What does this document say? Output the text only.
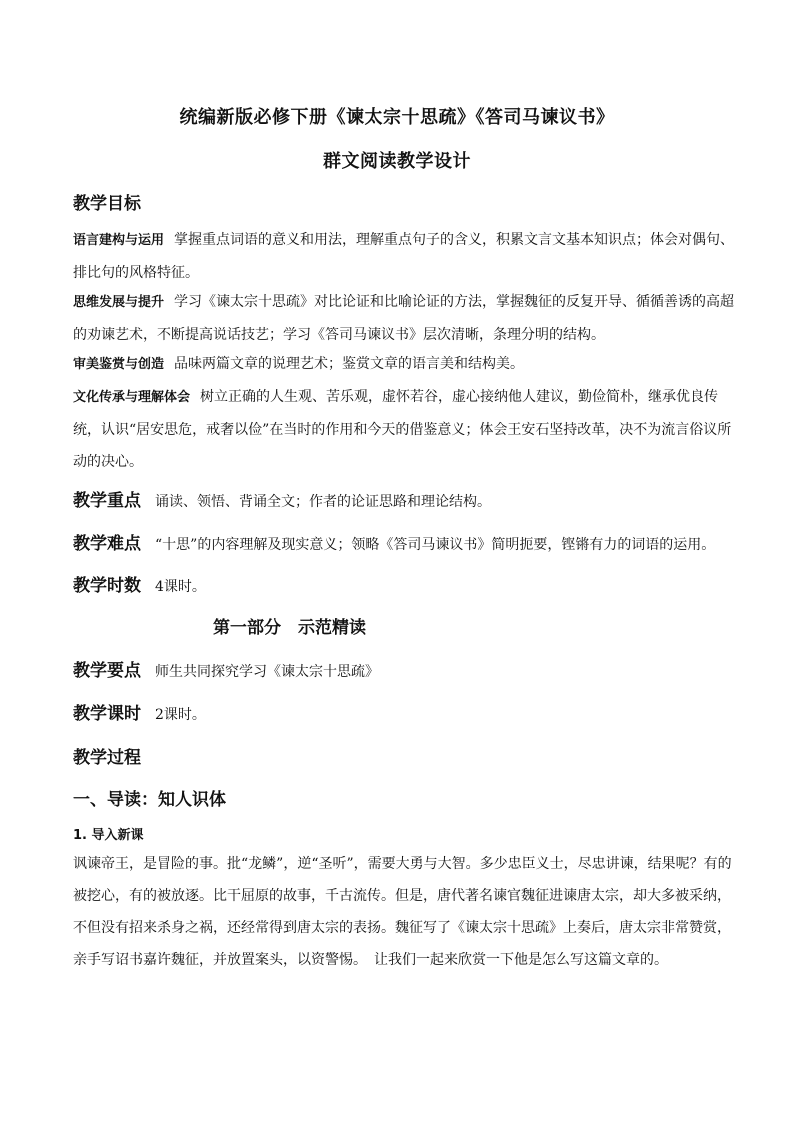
统编新版必修下册《谏太宗十思疏》《答司马谏议书》

群文阅读教学设计

教学目标

语言建构与运用 掌握重点词语的意义和用法，理解重点句子的含义，积累文言文基本知识点；体会对偶句、排比句的风格特征。

思维发展与提升 学习《谏太宗十思疏》对比论证和比喻论证的方法，掌握魏征的反复开导、循循善诱的高超的劝谏艺术，不断提高说话技艺；学习《答司马谏议书》层次清晰，条理分明的结构。

审美鉴赏与创造 品味两篇文章的说理艺术；鉴赏文章的语言美和结构美。

文化传承与理解体会 树立正确的人生观、苦乐观，虚怀若谷，虚心接纳他人建议，勤俭简朴，继承优良传统，认识“居安思危，戒奢以俭”在当时的作用和今天的借鉴意义；体会王安石坚持改革，决不为流言俗议所动的决心。

教学重点 诵读、领悟、背诵全文；作者的论证思路和理论结构。
教学难点 “十思”的内容理解及现实意义；领略《答司马谏议书》简明扼要，铿锵有力的词语的运用。
教学时数 4课时。

第一部分　示范精读

教学要点 师生共同探究学习《谏太宗十思疏》
教学课时 2课时。

教学过程

一、导读：知人识体

1. 导入新课

讽谏帝王，是冒险的事。批“龙鳞”，逆“圣听”，需要大勇与大智。多少忠臣义士，尽忠讲谏，结果呢？有的被挖心，有的被放逐。比干屈原的故事，千古流传。但是，唐代著名谏官魏征进谏唐太宗，却大多被采纳，不但没有招来杀身之祸，还经常得到唐太宗的表扬。魏征写了《谏太宗十思疏》上奏后，唐太宗非常赞赏，亲手写诏书嘉许魏征，并放置案头，以资警惕。　让我们一起来欣赏一下他是怎么写这篇文章的。
